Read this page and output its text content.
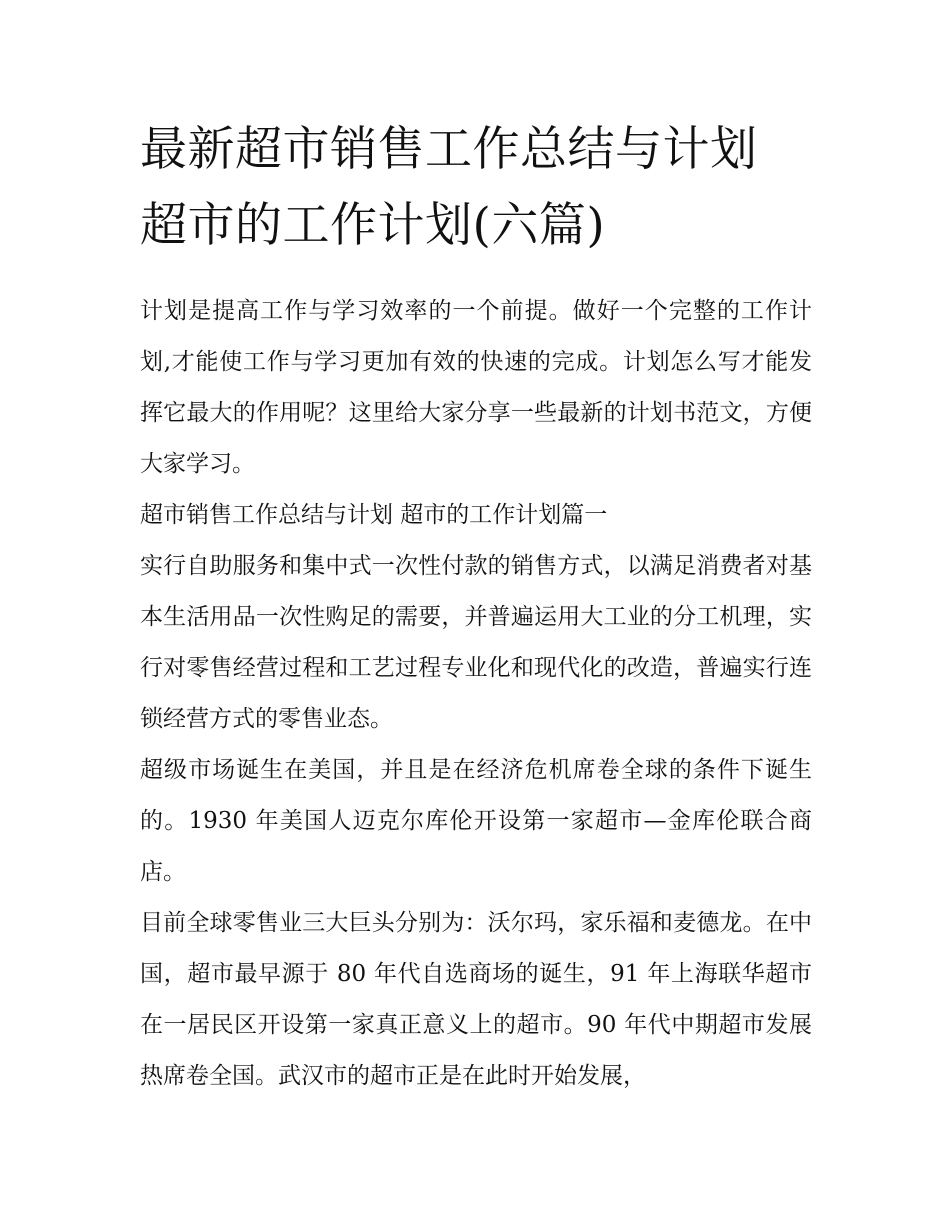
最新超市销售工作总结与计划
超市的工作计划(六篇)

计划是提高工作与学习效率的一个前提。做好一个完整的工作计划,才能使工作与学习更加有效的快速的完成。计划怎么写才能发挥它最大的作用呢？这里给大家分享一些最新的计划书范文，方便大家学习。

超市销售工作总结与计划 超市的工作计划篇一

实行自助服务和集中式一次性付款的销售方式，以满足消费者对基本生活用品一次性购足的需要，并普遍运用大工业的分工机理，实行对零售经营过程和工艺过程专业化和现代化的改造，普遍实行连锁经营方式的零售业态。

超级市场诞生在美国，并且是在经济危机席卷全球的条件下诞生的。1930 年美国人迈克尔库伦开设第一家超市—金库伦联合商店。

目前全球零售业三大巨头分别为：沃尔玛，家乐福和麦德龙。在中国，超市最早源于 80 年代自选商场的诞生，91 年上海联华超市在一居民区开设第一家真正意义上的超市。90 年代中期超市发展热席卷全国。武汉市的超市正是在此时开始发展，
